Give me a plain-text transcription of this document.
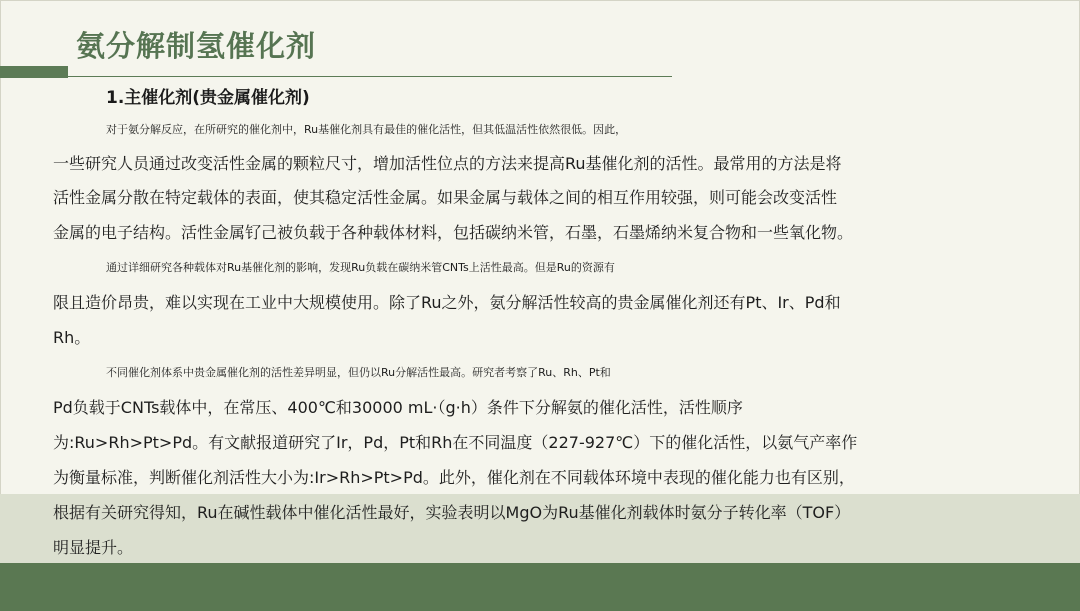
氨分解制氢催化剂
1.主催化剂(贵金属催化剂)
对于氨分解反应，在所研究的催化剂中，Ru基催化剂具有最佳的催化活性，但其低温活性依然很低。因此，
一些研究人员通过改变活性金属的颗粒尺寸，增加活性位点的方法来提高Ru基催化剂的活性。最常用的方法是将
活性金属分散在特定载体的表面，使其稳定活性金属。如果金属与载体之间的相互作用较强，则可能会改变活性
金属的电子结构。活性金属钌己被负载于各种载体材料，包括碳纳米管，石墨，石墨烯纳米复合物和一些氧化物。
通过详细研究各种载体对Ru基催化剂的影响，发现Ru负载在碳纳米管CNTs上活性最高。但是Ru的资源有
限且造价昂贵，难以实现在工业中大规模使用。除了Ru之外，氨分解活性较高的贵金属催化剂还有Pt、Ir、Pd和
Rh。
不同催化剂体系中贵金属催化剂的活性差异明显，但仍以Ru分解活性最高。研究者考察了Ru、Rh、Pt和
Pd负载于CNTs载体中，在常压、400℃和30000 mL·（g·h）条件下分解氨的催化活性，活性顺序
为:Ru>Rh>Pt>Pd。有文献报道研究了Ir，Pd，Pt和Rh在不同温度（227-927℃）下的催化活性，以氨气产率作
为衡量标准，判断催化剂活性大小为:Ir>Rh>Pt>Pd。此外，催化剂在不同载体环境中表现的催化能力也有区别，
根据有关研究得知，Ru在碱性载体中催化活性最好，实验表明以MgO为Ru基催化剂载体时氨分子转化率（TOF）
明显提升。
